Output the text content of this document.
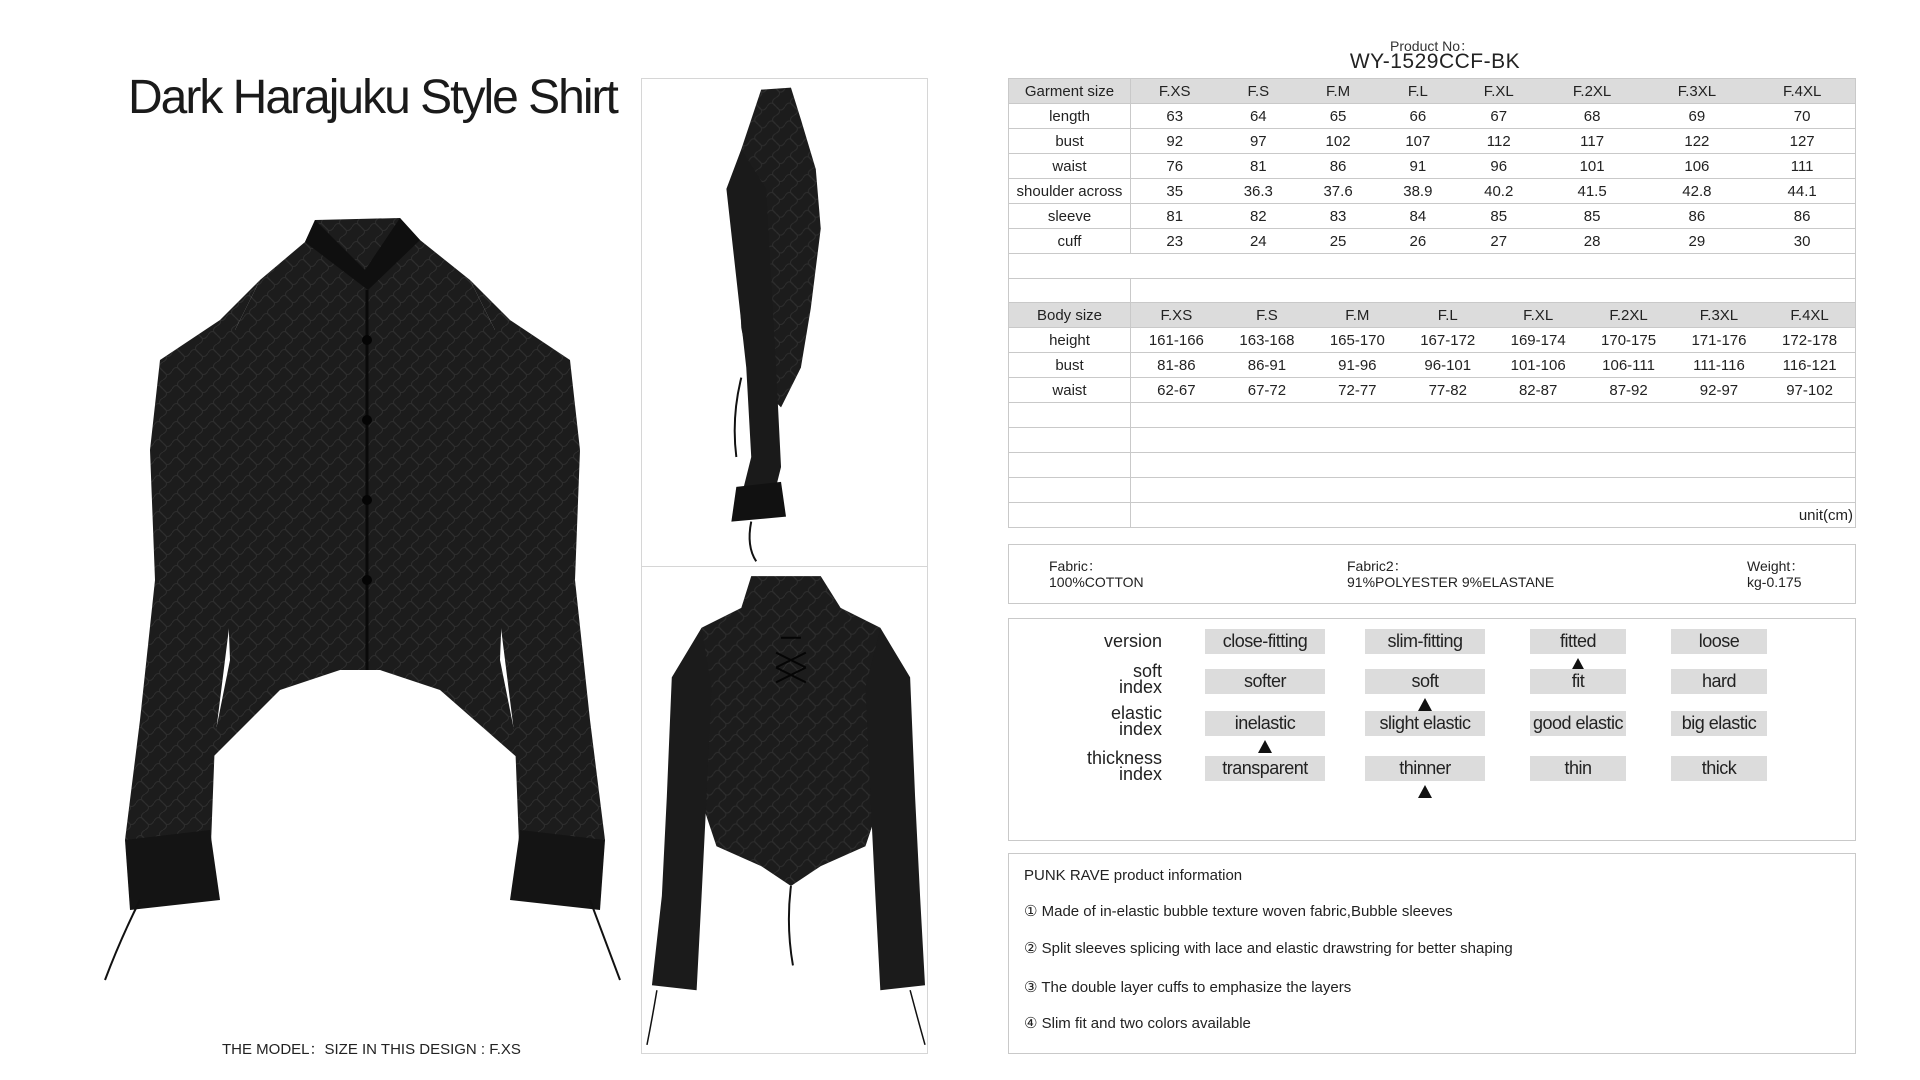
Dark Harajuku Style Shirt
THE MODEL：SIZE IN THIS DESIGN : F.XS
Product No：
WY-1529CCF-BK
Garment size	F.XS	F.S	F.M	F.L	F.XL	F.2XL	F.3XL	F.4XL
length	63	64	65	66	67	68	69	70
bust	92	97	102	107	112	117	122	127
waist	76	81	86	91	96	101	106	111
shoulder across	35	36.3	37.6	38.9	40.2	41.5	42.8	44.1
sleeve	81	82	83	84	85	85	86	86
cuff	23	24	25	26	27	28	29	30

Body size	F.XS	F.S	F.M	F.L	F.XL	F.2XL	F.3XL	F.4XL
height	161-166	163-168	165-170	167-172	169-174	170-175	171-176	172-178
bust	81-86	86-91	91-96	96-101	101-106	106-111	111-116	116-121
waist	62-67	67-72	72-77	77-82	82-87	87-92	92-97	97-102

	unit(cm)							
Fabric：
100%COTTON
Fabric2：
91%POLYESTER 9%ELASTANE
Weight：
kg-0.175
version	close-fitting	slim-fitting	fitted	loose
soft
index	softer	soft	fit	hard
elastic
index	inelastic	slight elastic	good elastic	big elastic
thickness
index	transparent	thinner	thin	thick
PUNK RAVE product information
① Made of in-elastic bubble texture woven fabric,Bubble sleeves
② Split sleeves splicing with lace and elastic drawstring for better shaping
③ The double layer cuffs to emphasize the layers
④ Slim fit and two colors available
